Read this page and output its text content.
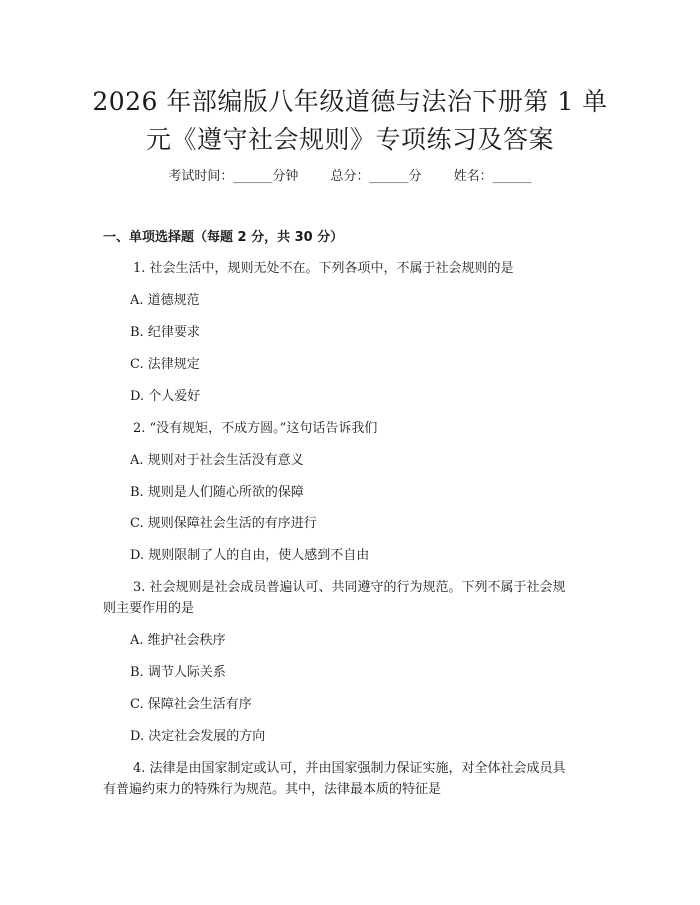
2026 年部编版八年级道德与法治下册第 1 单
元《遵守社会规则》专项练习及答案
考试时间：______分钟 总分：______分 姓名：______
一、单项选择题（每题 2 分，共 30 分）
1. 社会生活中，规则无处不在。下列各项中，不属于社会规则的是
A. 道德规范
B. 纪律要求
C. 法律规定
D. 个人爱好
2. “没有规矩，不成方圆。”这句话告诉我们
A. 规则对于社会生活没有意义
B. 规则是人们随心所欲的保障
C. 规则保障社会生活的有序进行
D. 规则限制了人的自由，使人感到不自由
3. 社会规则是社会成员普遍认可、共同遵守的行为规范。下列不属于社会规
则主要作用的是
A. 维护社会秩序
B. 调节人际关系
C. 保障社会生活有序
D. 决定社会发展的方向
4. 法律是由国家制定或认可，并由国家强制力保证实施，对全体社会成员具
有普遍约束力的特殊行为规范。其中，法律最本质的特征是
